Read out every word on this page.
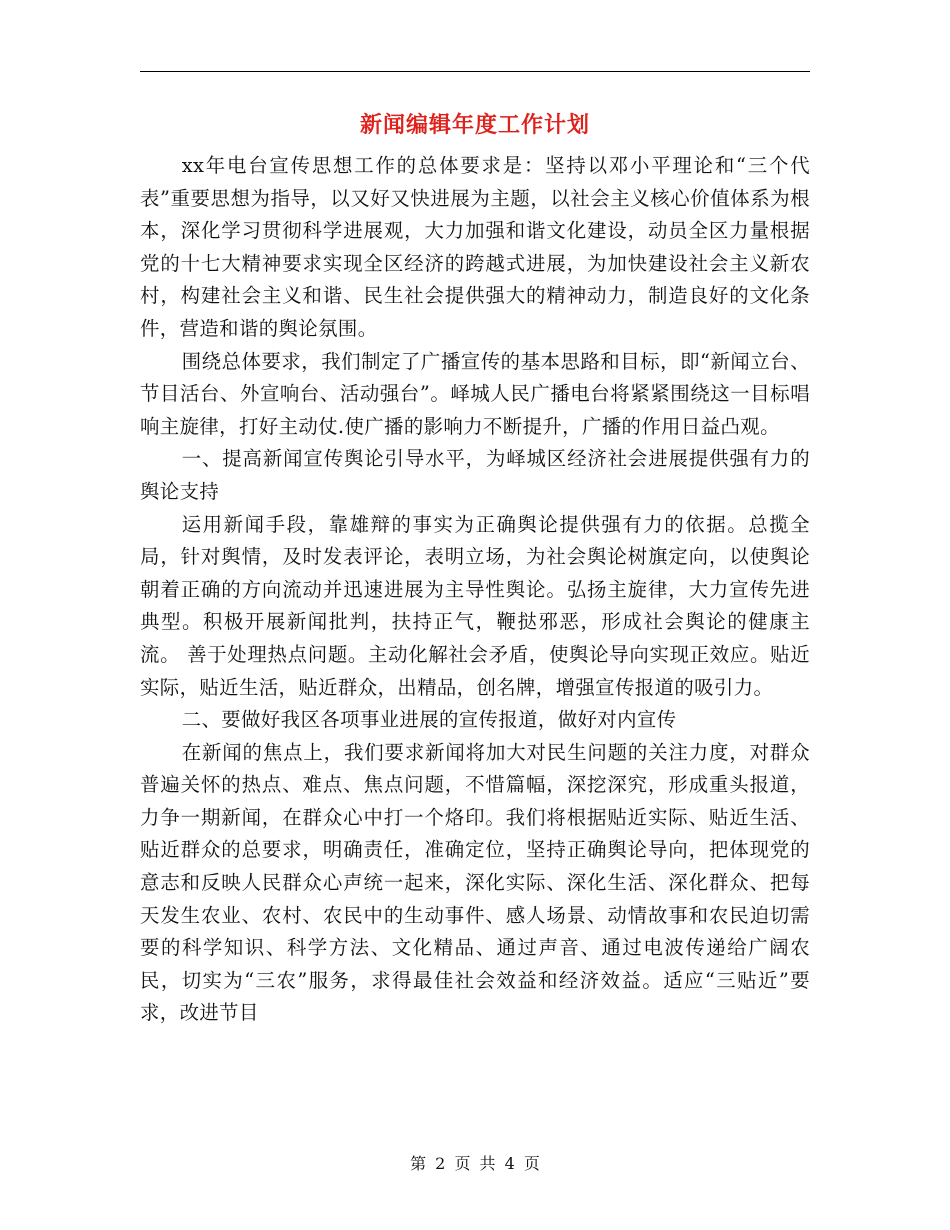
新闻编辑年度工作计划

xx年电台宣传思想工作的总体要求是：坚持以邓小平理论和“三个代表”重要思想为指导，以又好又快进展为主题，以社会主义核心价值体系为根本，深化学习贯彻科学进展观，大力加强和谐文化建设，动员全区力量根据党的十七大精神要求实现全区经济的跨越式进展，为加快建设社会主义新农村，构建社会主义和谐、民生社会提供强大的精神动力，制造良好的文化条件，营造和谐的舆论氛围。

围绕总体要求，我们制定了广播宣传的基本思路和目标，即“新闻立台、节目活台、外宣响台、活动强台”。峄城人民广播电台将紧紧围绕这一目标唱响主旋律，打好主动仗.使广播的影响力不断提升，广播的作用日益凸观。

一、提高新闻宣传舆论引导水平，为峄城区经济社会进展提供强有力的舆论支持

运用新闻手段，靠雄辩的事实为正确舆论提供强有力的依据。总揽全局，针对舆情，及时发表评论，表明立场，为社会舆论树旗定向，以使舆论朝着正确的方向流动并迅速进展为主导性舆论。弘扬主旋律，大力宣传先进典型。积极开展新闻批判，扶持正气，鞭挞邪恶，形成社会舆论的健康主流。 善于处理热点问题。主动化解社会矛盾，使舆论导向实现正效应。贴近实际，贴近生活，贴近群众，出精品，创名牌，增强宣传报道的吸引力。

二、要做好我区各项事业进展的宣传报道，做好对内宣传

在新闻的焦点上，我们要求新闻将加大对民生问题的关注力度，对群众普遍关怀的热点、难点、焦点问题，不惜篇幅，深挖深究，形成重头报道，力争一期新闻，在群众心中打一个烙印。我们将根据贴近实际、贴近生活、贴近群众的总要求，明确责任，准确定位，坚持正确舆论导向，把体现党的意志和反映人民群众心声统一起来，深化实际、深化生活、深化群众、把每天发生农业、农村、农民中的生动事件、感人场景、动情故事和农民迫切需要的科学知识、科学方法、文化精品、通过声音、通过电波传递给广阔农民，切实为“三农”服务，求得最佳社会效益和经济效益。适应“三贴近”要求，改进节目

第 2 页 共 4 页
